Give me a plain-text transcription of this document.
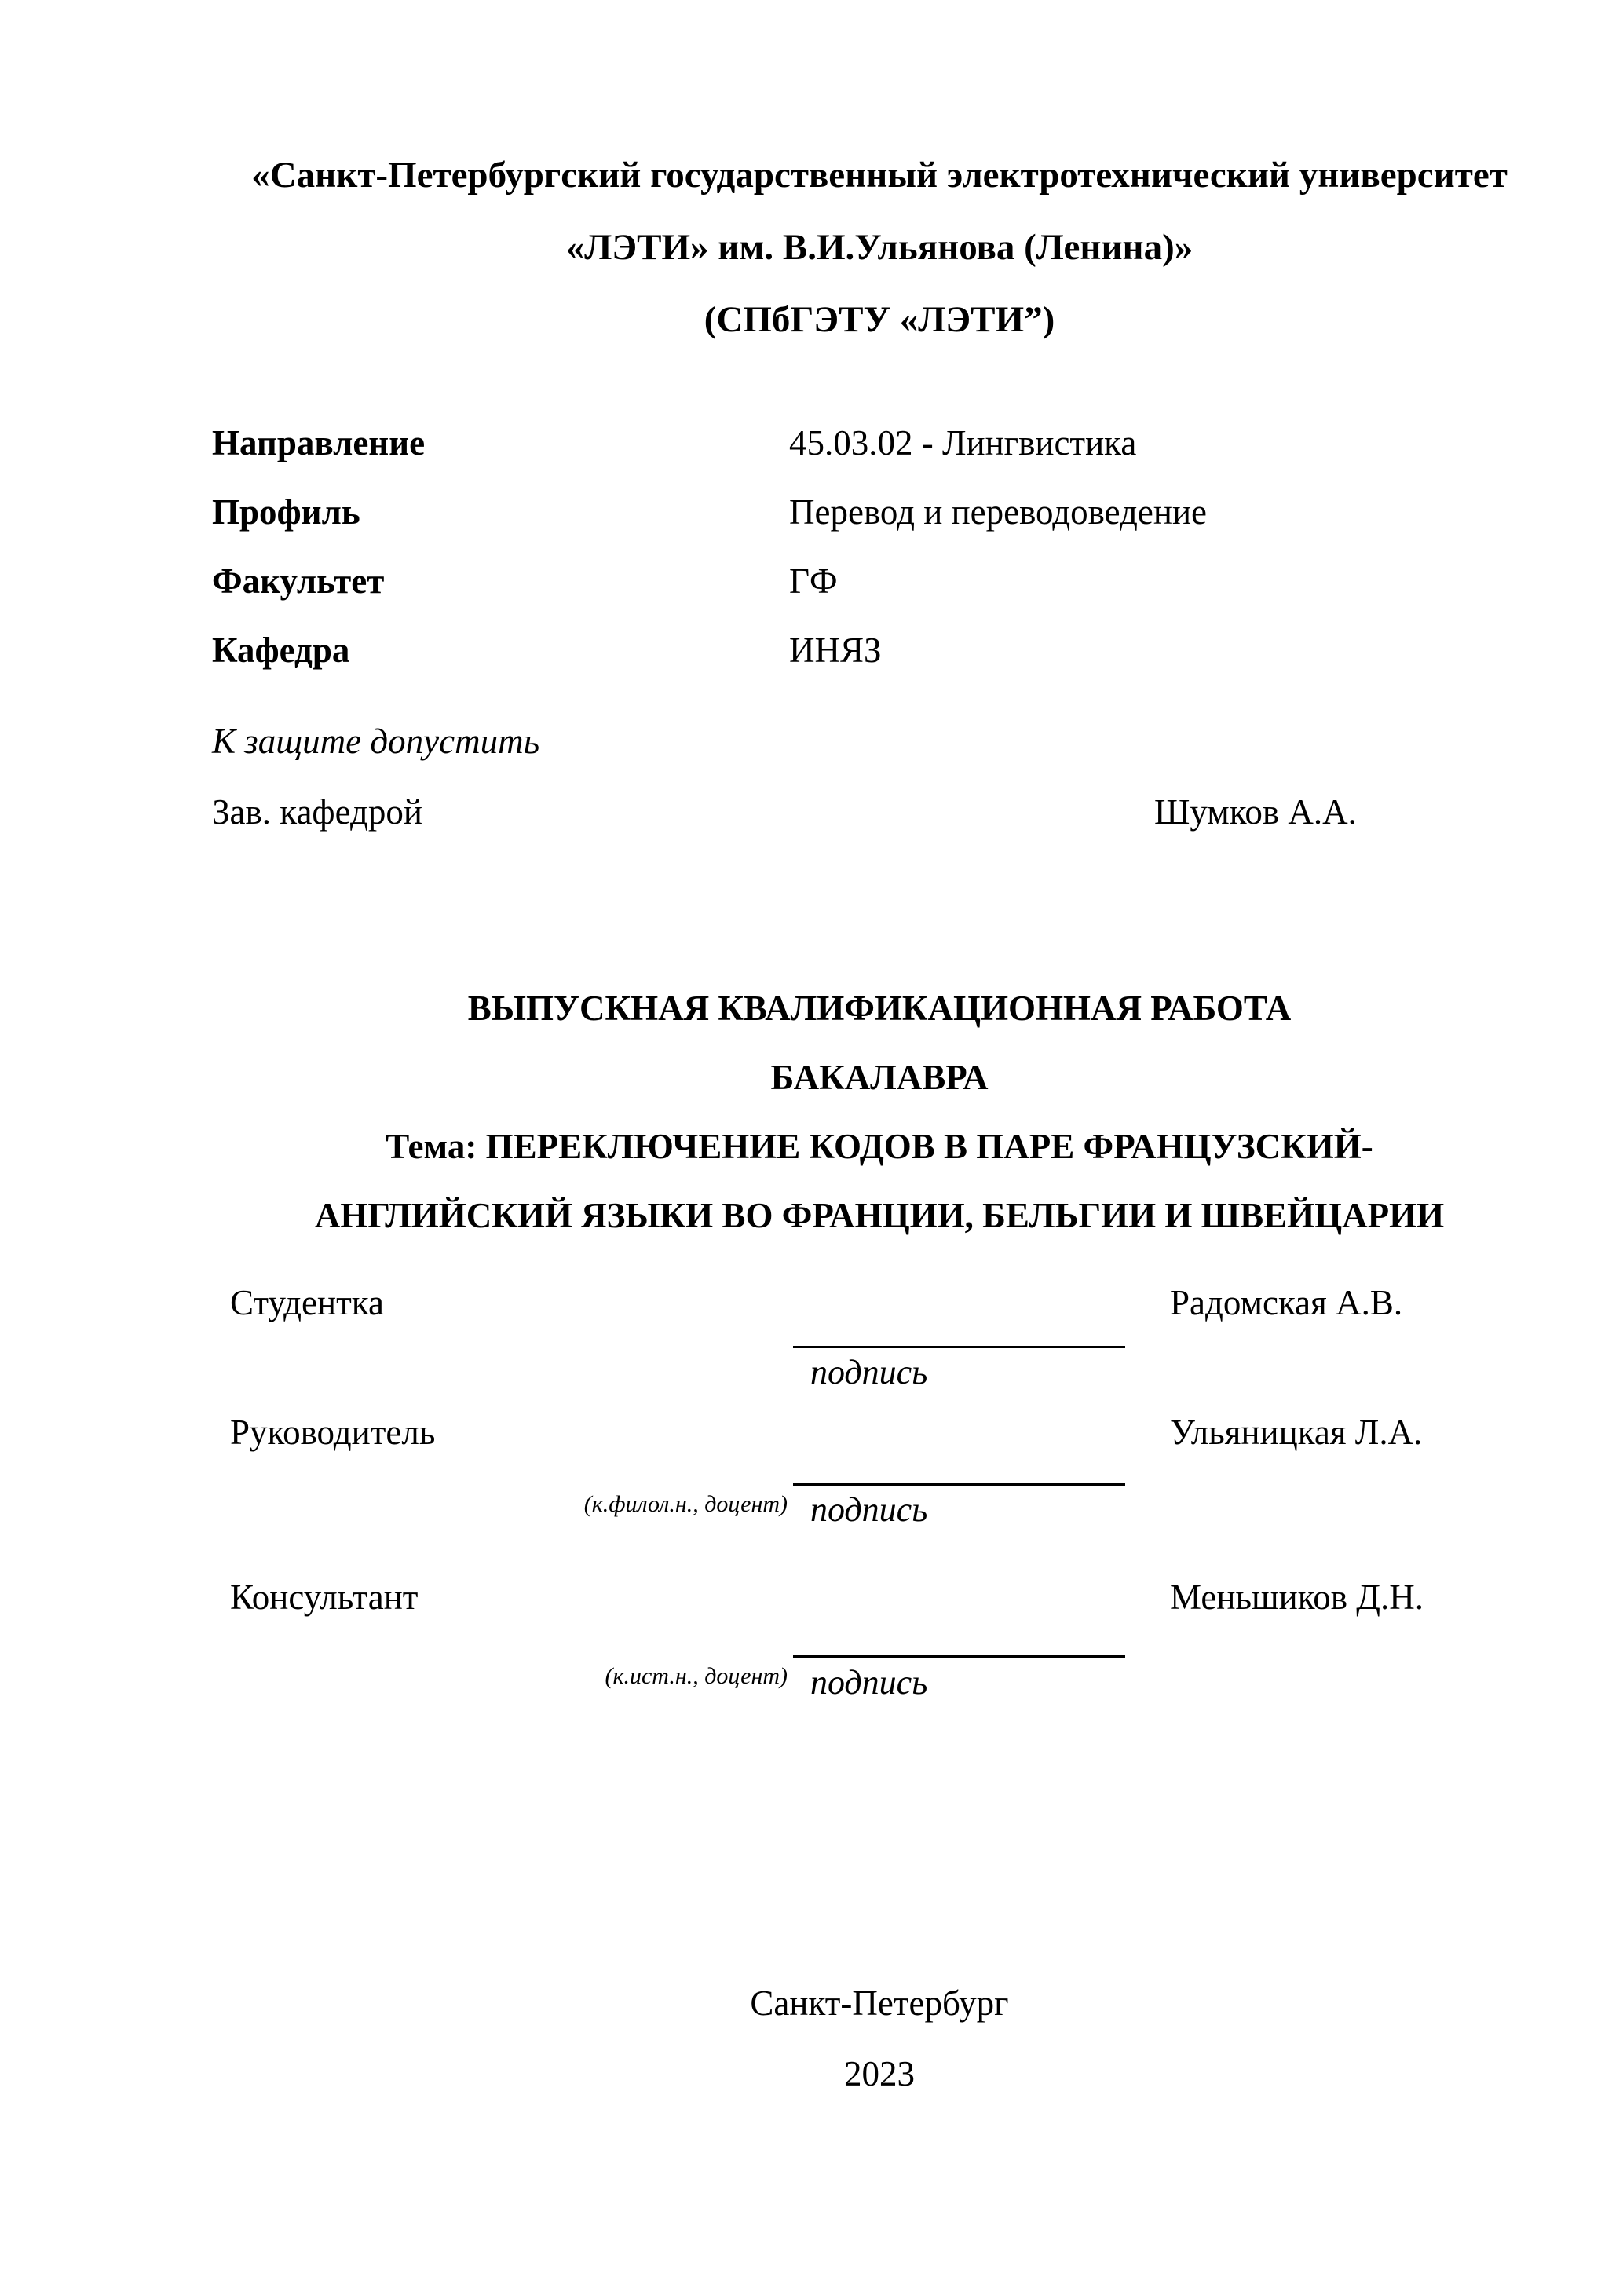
«Санкт-Петербургский государственный электротехнический университет
«ЛЭТИ» им. В.И.Ульянова (Ленина)»
(СПбГЭТУ «ЛЭТИ”)
Направление	45.03.02 - Лингвистика
Профиль	Перевод и переводоведение
Факультет	ГФ
Кафедра	ИНЯЗ
К защите допустить
Зав. кафедрой	Шумков А.А.
ВЫПУСКНАЯ КВАЛИФИКАЦИОННАЯ РАБОТА
БАКАЛАВРА
Тема: ПЕРЕКЛЮЧЕНИЕ КОДОВ В ПАРЕ ФРАНЦУЗСКИЙ-
АНГЛИЙСКИЙ ЯЗЫКИ ВО ФРАНЦИИ, БЕЛЬГИИ И ШВЕЙЦАРИИ
Студентка	Радомская А.В.
подпись
Руководитель	Ульяницкая Л.А.
(к.филол.н., доцент) подпись
Консультант	Меньшиков Д.Н.
(к.ист.н., доцент) подпись
Санкт-Петербург
2023
